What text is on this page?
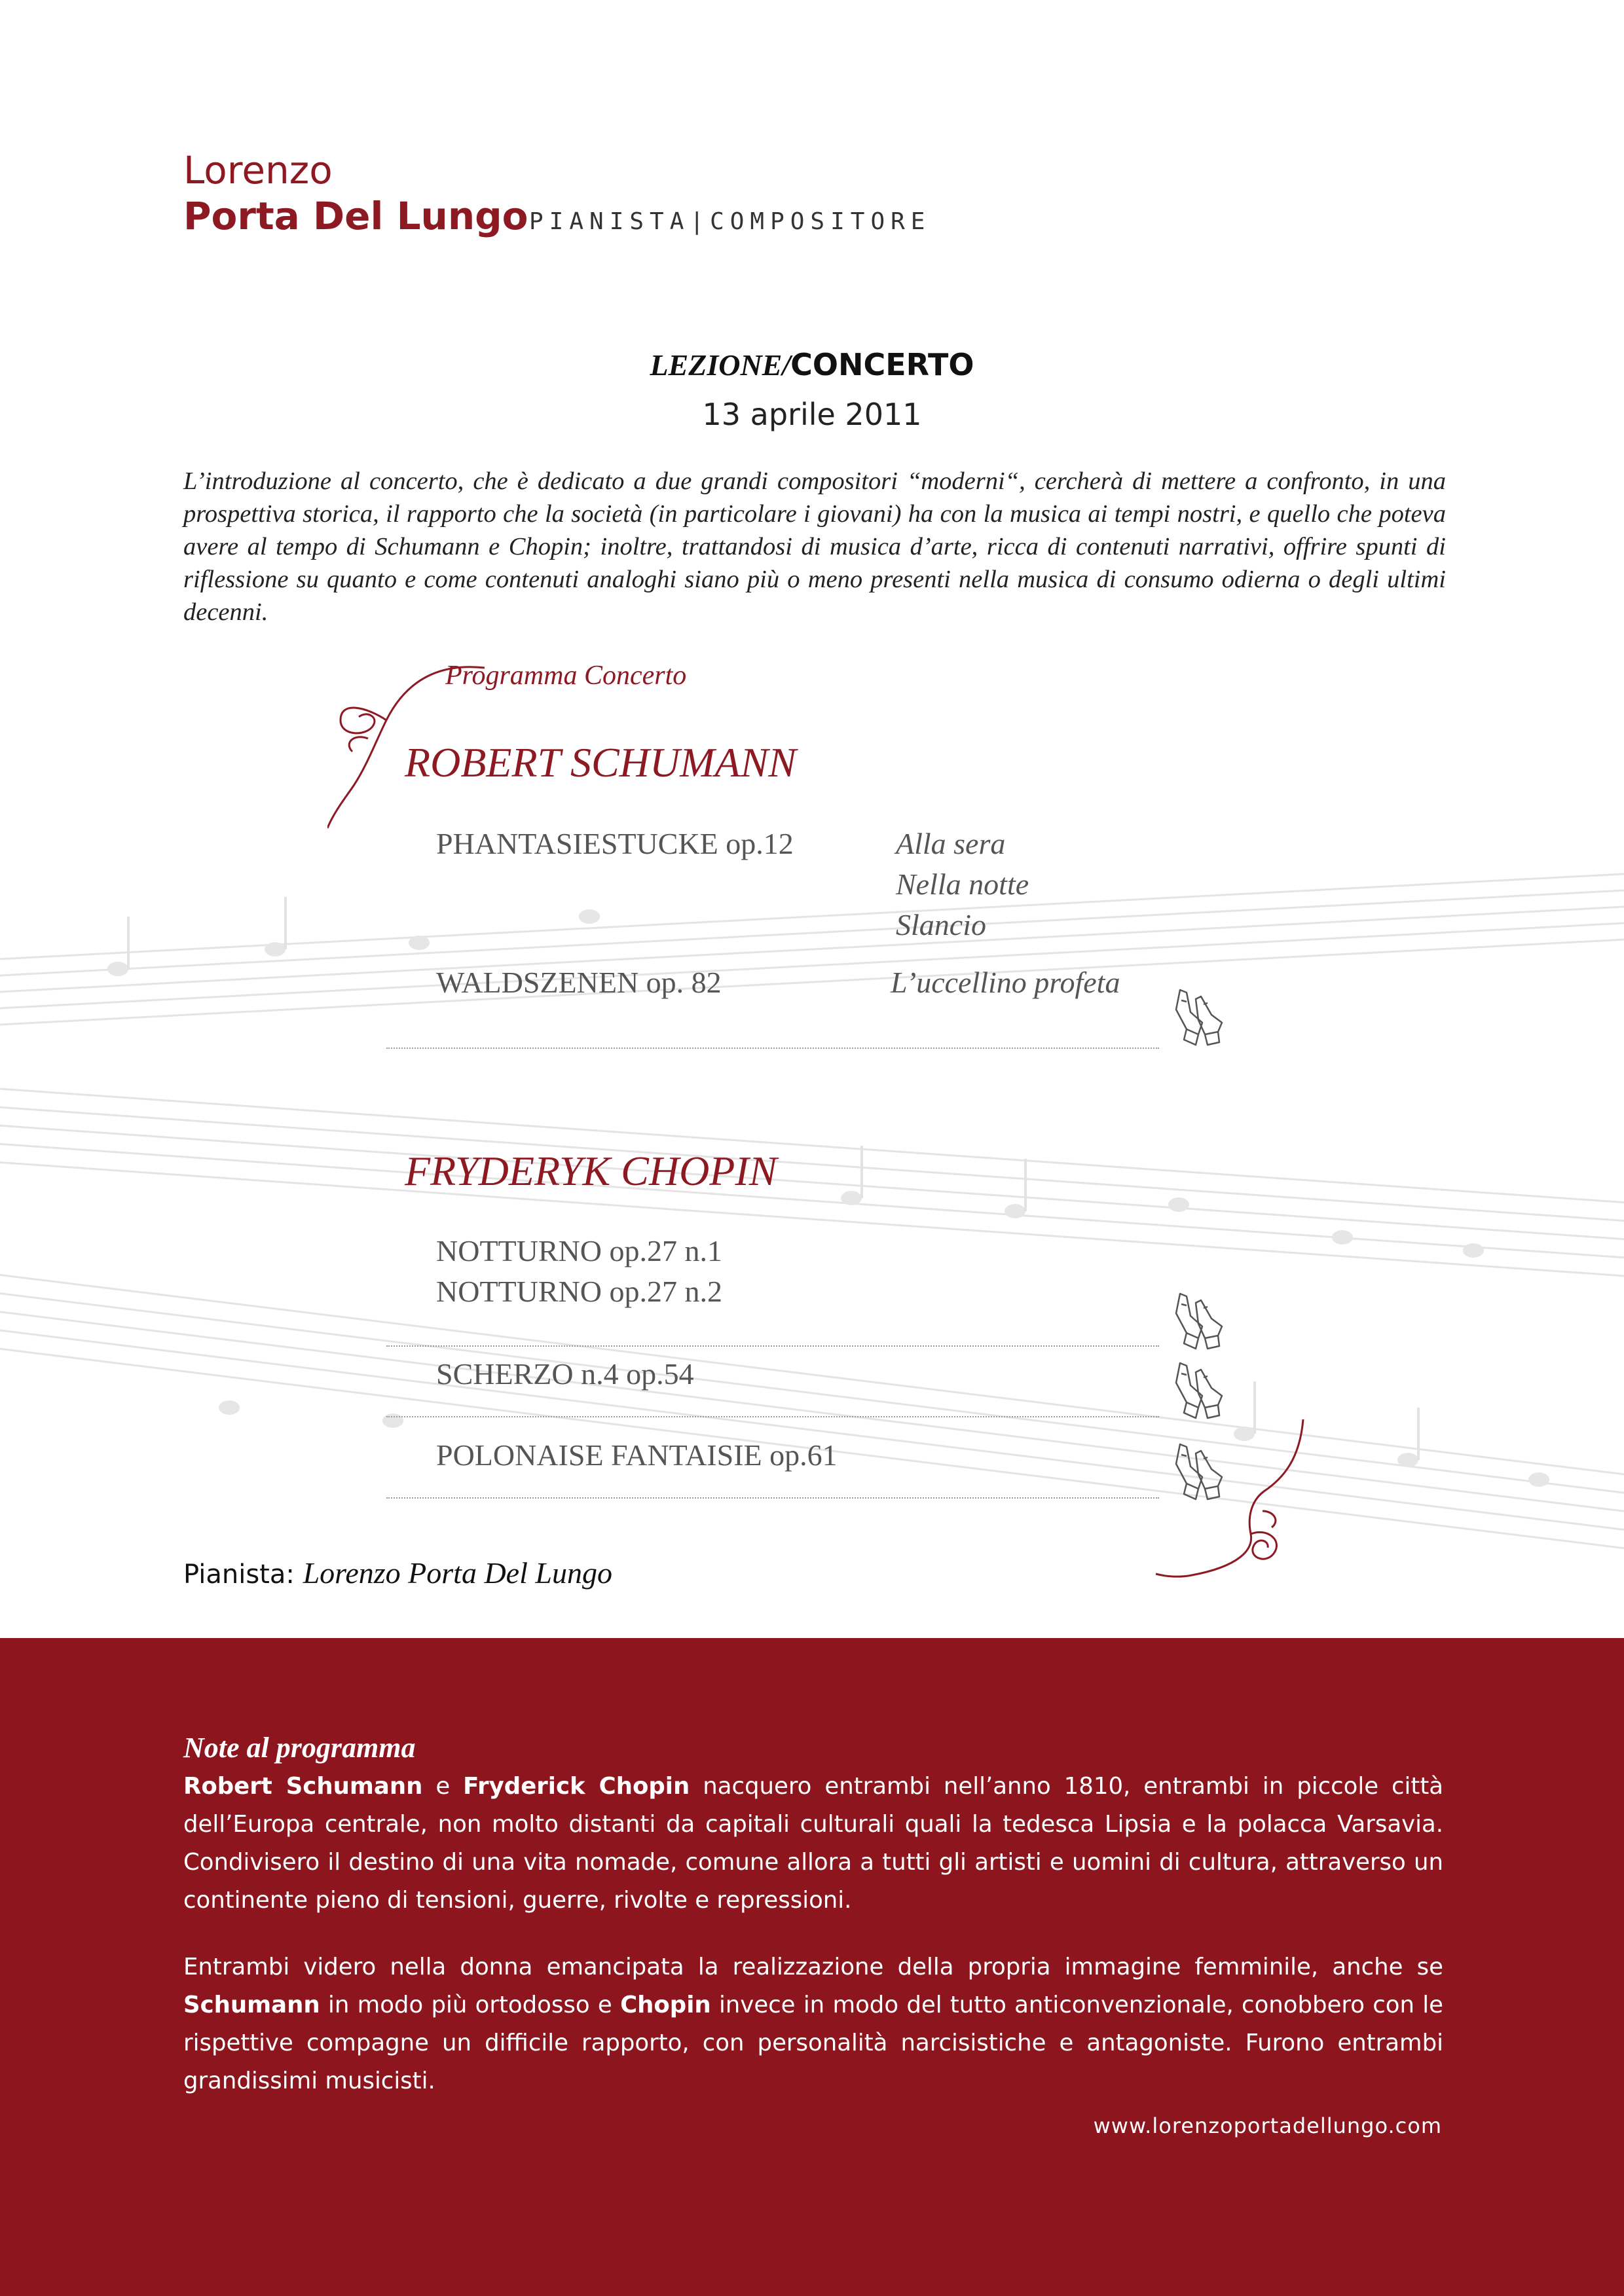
Lorenzo
Porta Del Lungo PIANISTA|COMPOSITORE
LEZIONE/CONCERTO
13 aprile 2011
L’introduzione al concerto, che è dedicato a due grandi compositori “moderni“, cercherà di mettere a confronto, in una prospettiva storica, il rapporto che la società (in particolare i giovani) ha con la musica ai tempi nostri, e quello che poteva avere al tempo di Schumann e Chopin; inoltre, trattandosi di musica d’arte, ricca di contenuti narrativi, offrire spunti di riflessione su quanto e come contenuti analoghi siano più o meno presenti nella musica di consumo odierna o degli ultimi decenni.
Programma Concerto
ROBERT SCHUMANN
PHANTASIESTUCKE op.12	Alla sera
Nella notte
Slancio
WALDSZENEN op. 82	L’uccellino profeta
FRYDERYK CHOPIN
NOTTURNO op.27 n.1
NOTTURNO op.27 n.2
SCHERZO n.4 op.54
POLONAISE FANTAISIE op.61
Pianista: Lorenzo Porta Del Lungo
Note al programma
Robert Schumann e Fryderick Chopin nacquero entrambi nell’anno 1810, entrambi in piccole città dell’Europa centrale, non molto distanti da capitali culturali quali la tedesca Lipsia e la polacca Varsavia. Condivisero il destino di una vita nomade, comune allora a tutti gli artisti e uomini di cultura, attraverso un continente pieno di tensioni, guerre, rivolte e repressioni.
Entrambi videro nella donna emancipata la realizzazione della propria immagine femminile, anche se Schumann in modo più ortodosso e Chopin invece in modo del tutto anticonvenzionale, conobbero con le rispettive compagne un difficile rapporto, con personalità narcisistiche e antagoniste. Furono entrambi grandissimi musicisti.
www.lorenzoportadellungo.com
